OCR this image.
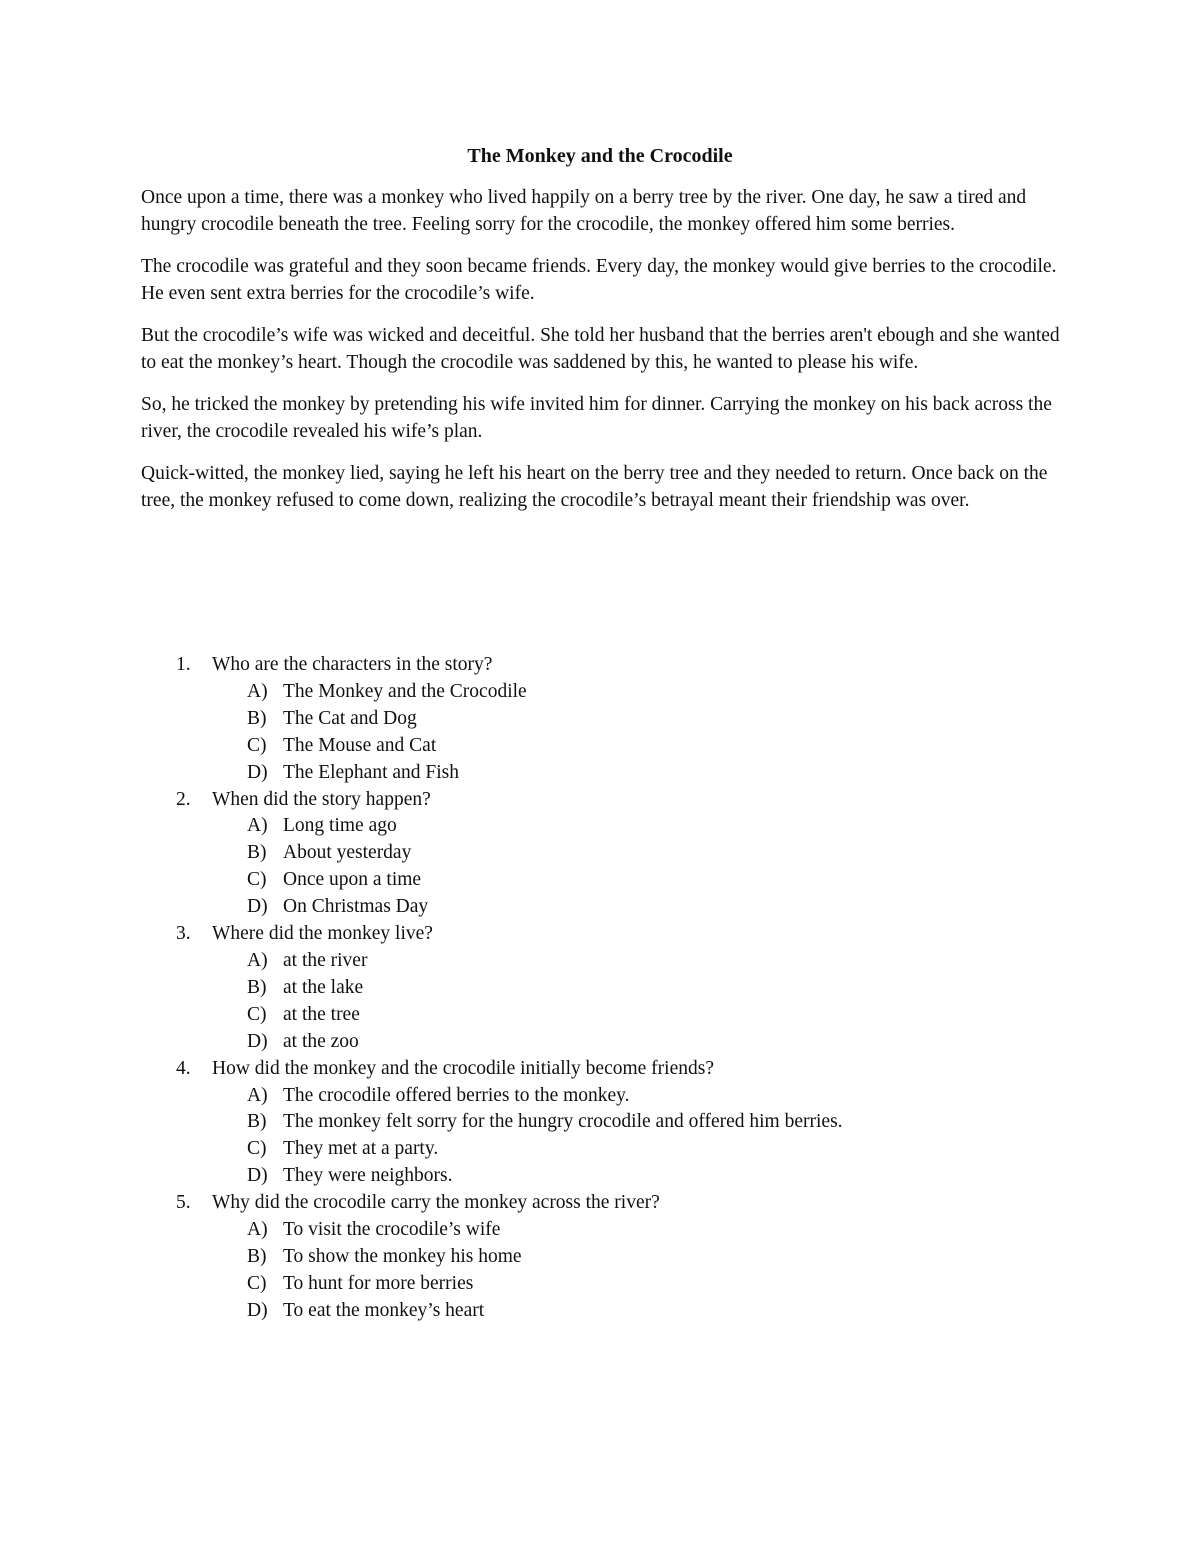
The Monkey and the Crocodile

Once upon a time, there was a monkey who lived happily on a berry tree by the river. One day, he saw a tired and hungry crocodile beneath the tree. Feeling sorry for the crocodile, the monkey offered him some berries.

The crocodile was grateful and they soon became friends. Every day, the monkey would give berries to the crocodile. He even sent extra berries for the crocodile’s wife.

But the crocodile’s wife was wicked and deceitful. She told her husband that the berries aren't ebough and she wanted to eat the monkey’s heart. Though the crocodile was saddened by this, he wanted to please his wife.

So, he tricked the monkey by pretending his wife invited him for dinner. Carrying the monkey on his back across the river, the crocodile revealed his wife’s plan.

Quick-witted, the monkey lied, saying he left his heart on the berry tree and they needed to return. Once back on the tree, the monkey refused to come down, realizing the crocodile’s betrayal meant their friendship was over.

1. Who are the characters in the story?
A) The Monkey and the Crocodile
B) The Cat and Dog
C) The Mouse and Cat
D) The Elephant and Fish
2. When did the story happen?
A) Long time ago
B) About yesterday
C) Once upon a time
D) On Christmas Day
3. Where did the monkey live?
A) at the river
B) at the lake
C) at the tree
D) at the zoo
4. How did the monkey and the crocodile initially become friends?
A) The crocodile offered berries to the monkey.
B) The monkey felt sorry for the hungry crocodile and offered him berries.
C) They met at a party.
D) They were neighbors.
5. Why did the crocodile carry the monkey across the river?
A) To visit the crocodile’s wife
B) To show the monkey his home
C) To hunt for more berries
D) To eat the monkey’s heart
